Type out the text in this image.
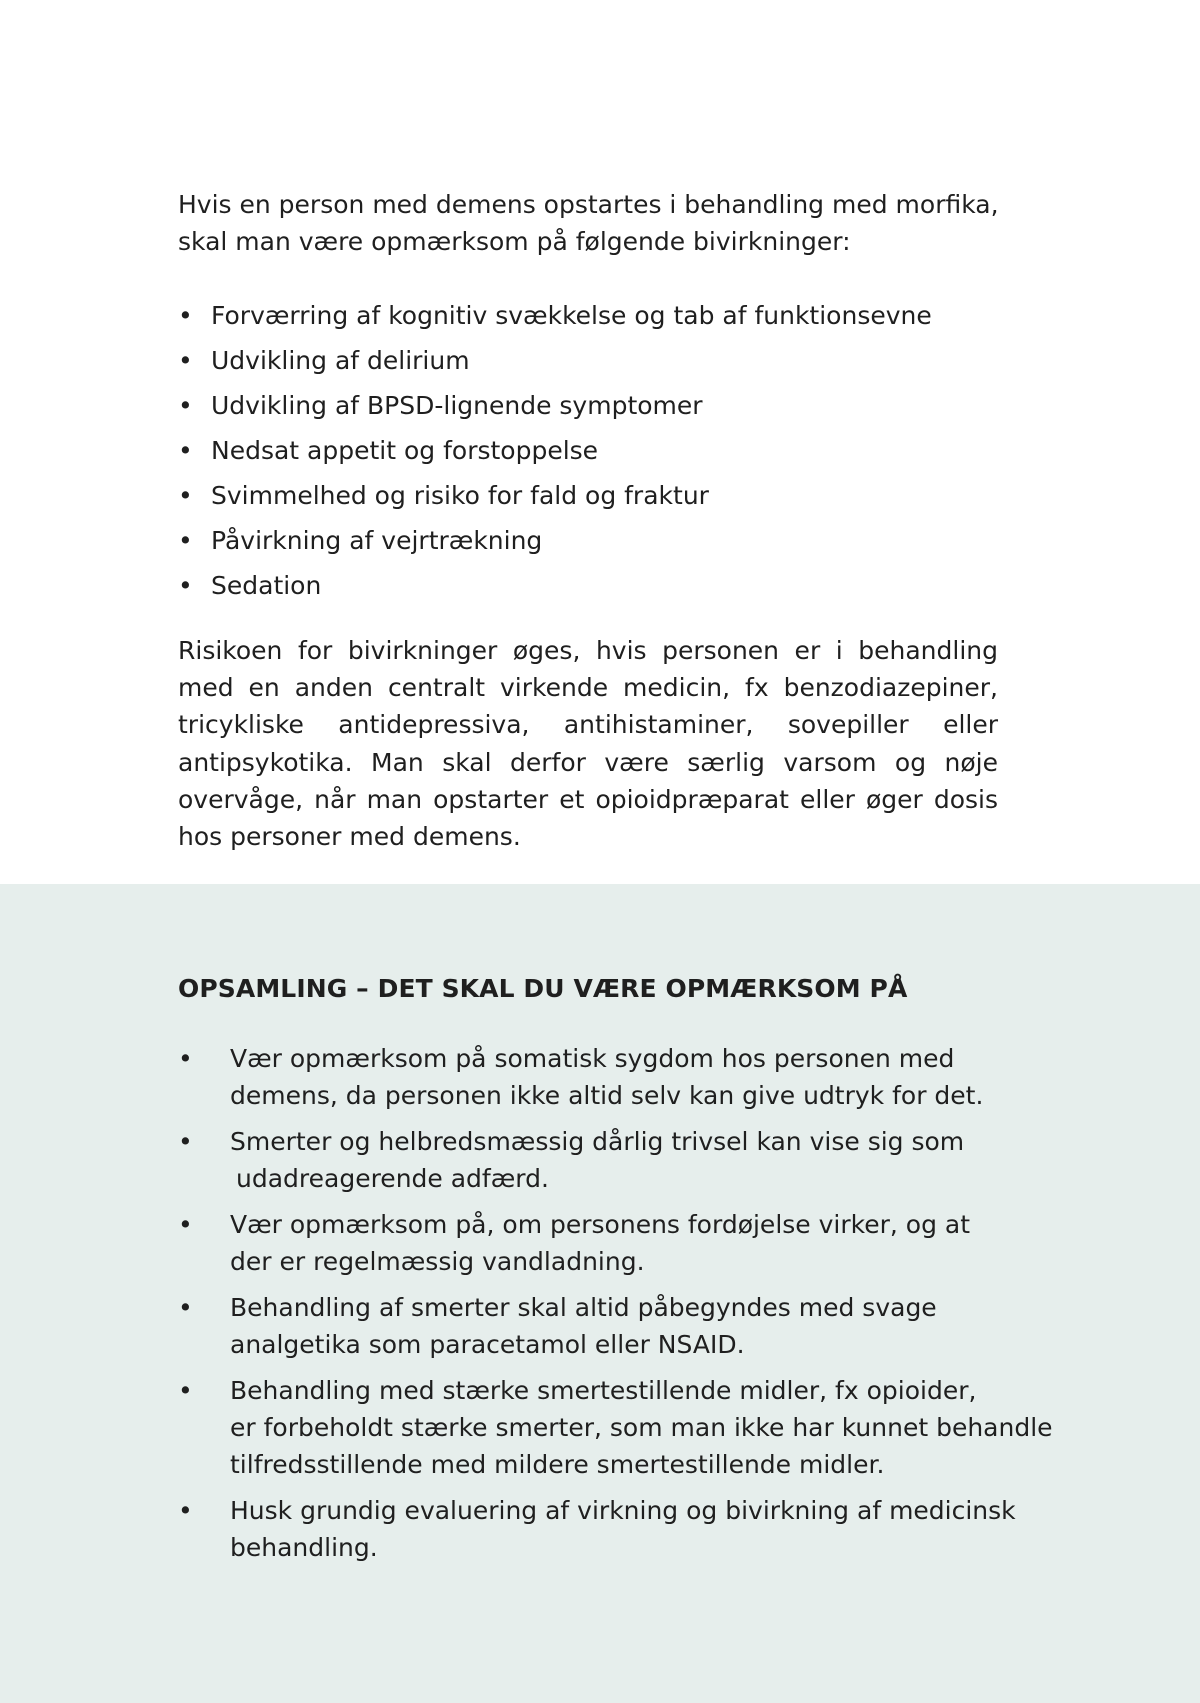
Hvis en person med demens opstartes i behandling med morfika,
skal man være opmærksom på følgende bivirkninger:

• Forværring af kognitiv svækkelse og tab af funktionsevne
• Udvikling af delirium
• Udvikling af BPSD-lignende symptomer
• Nedsat appetit og forstoppelse
• Svimmelhed og risiko for fald og fraktur
• Påvirkning af vejrtrækning
• Sedation

Risikoen for bivirkninger øges, hvis personen er i behandling med en anden centralt virkende medicin, fx benzodiazepiner, tricykliske antidepressiva, antihistaminer, sovepiller eller antipsykotika. Man skal derfor være særlig varsom og nøje overvåge, når man opstarter et opioidpræparat eller øger dosis hos personer med demens.

OPSAMLING – DET SKAL DU VÆRE OPMÆRKSOM PÅ
• Vær opmærksom på somatisk sygdom hos personen med
demens, da personen ikke altid selv kan give udtryk for det.
• Smerter og helbredsmæssig dårlig trivsel kan vise sig som
udadreagerende adfærd.
• Vær opmærksom på, om personens fordøjelse virker, og at
der er regelmæssig vandladning.
• Behandling af smerter skal altid påbegyndes med svage
analgetika som paracetamol eller NSAID.
• Behandling med stærke smertestillende midler, fx opioider,
er forbeholdt stærke smerter, som man ikke har kunnet behandle
tilfredsstillende med mildere smertestillende midler.
• Husk grundig evaluering af virkning og bivirkning af medicinsk
behandling.
